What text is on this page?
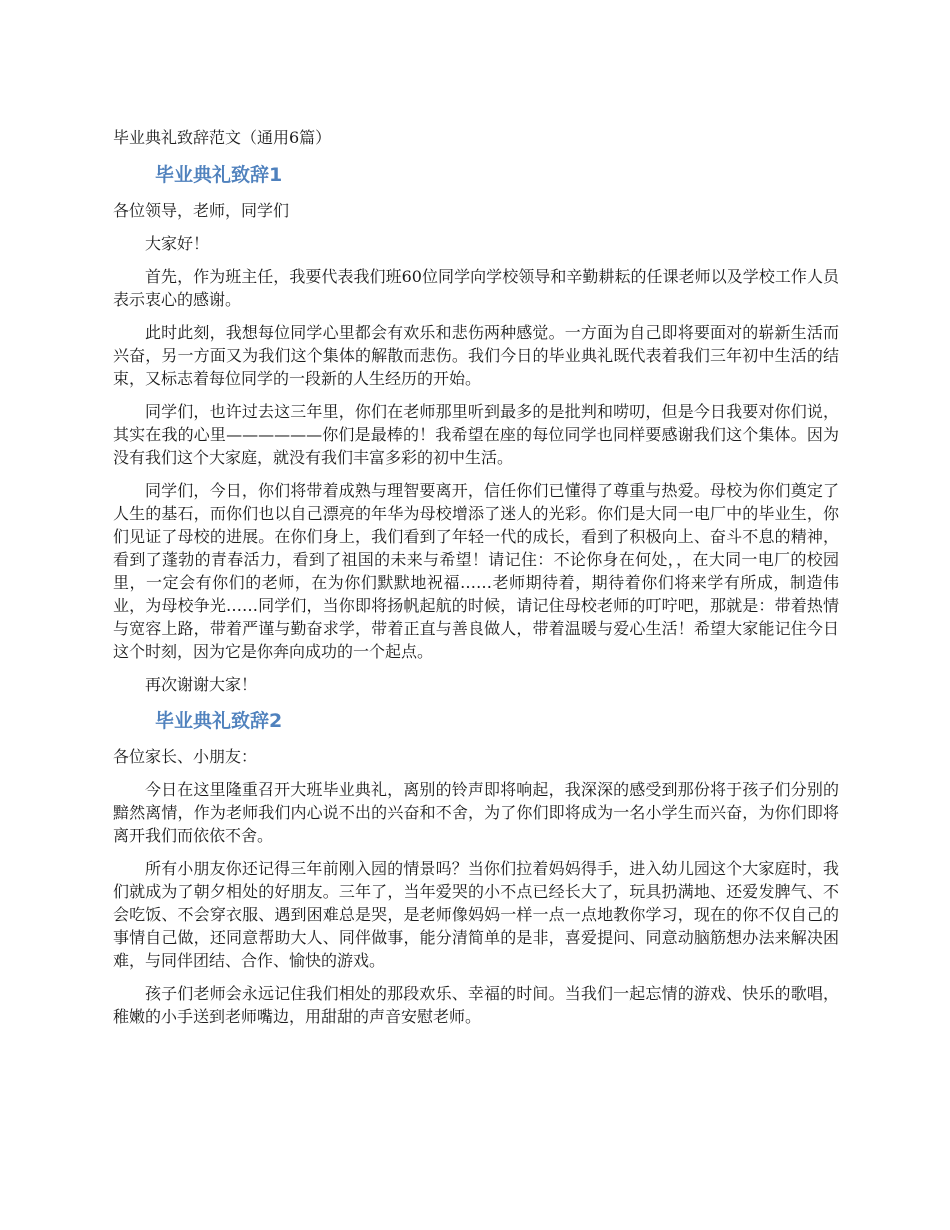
毕业典礼致辞范文（通用6篇）
毕业典礼致辞1
各位领导，老师，同学们
大家好！
首先，作为班主任，我要代表我们班60位同学向学校领导和辛勤耕耘的任课老师以及学校工作人员表示衷心的感谢。
此时此刻，我想每位同学心里都会有欢乐和悲伤两种感觉。一方面为自己即将要面对的崭新生活而兴奋，另一方面又为我们这个集体的解散而悲伤。我们今日的毕业典礼既代表着我们三年初中生活的结束，又标志着每位同学的一段新的人生经历的开始。
同学们，也许过去这三年里，你们在老师那里听到最多的是批判和唠叨，但是今日我要对你们说，其实在我的心里——————你们是最棒的！我希望在座的每位同学也同样要感谢我们这个集体。因为没有我们这个大家庭，就没有我们丰富多彩的初中生活。
同学们，今日，你们将带着成熟与理智要离开，信任你们已懂得了尊重与热爱。母校为你们奠定了人生的基石，而你们也以自己漂亮的年华为母校增添了迷人的光彩。你们是大同一电厂中的毕业生，你们见证了母校的进展。在你们身上，我们看到了年轻一代的成长，看到了积极向上、奋斗不息的精神，看到了蓬勃的青春活力，看到了祖国的未来与希望！请记住：不论你身在何处，，在大同一电厂的校园里，一定会有你们的老师，在为你们默默地祝福……老师期待着，期待着你们将来学有所成，制造伟业，为母校争光……同学们，当你即将扬帆起航的时候，请记住母校老师的叮咛吧，那就是：带着热情与宽容上路，带着严谨与勤奋求学，带着正直与善良做人，带着温暖与爱心生活！希望大家能记住今日这个时刻，因为它是你奔向成功的一个起点。
再次谢谢大家！
毕业典礼致辞2
各位家长、小朋友：
今日在这里隆重召开大班毕业典礼，离别的铃声即将响起，我深深的感受到那份将于孩子们分别的黯然离情，作为老师我们内心说不出的兴奋和不舍，为了你们即将成为一名小学生而兴奋，为你们即将离开我们而依依不舍。
所有小朋友你还记得三年前刚入园的情景吗？当你们拉着妈妈得手，进入幼儿园这个大家庭时，我们就成为了朝夕相处的好朋友。三年了，当年爱哭的小不点已经长大了，玩具扔满地、还爱发脾气、不会吃饭、不会穿衣服、遇到困难总是哭，是老师像妈妈一样一点一点地教你学习，现在的你不仅自己的事情自己做，还同意帮助大人、同伴做事，能分清简单的是非，喜爱提问、同意动脑筋想办法来解决困难，与同伴团结、合作、愉快的游戏。
孩子们老师会永远记住我们相处的那段欢乐、幸福的时间。当我们一起忘情的游戏、快乐的歌唱，稚嫩的小手送到老师嘴边，用甜甜的声音安慰老师。
